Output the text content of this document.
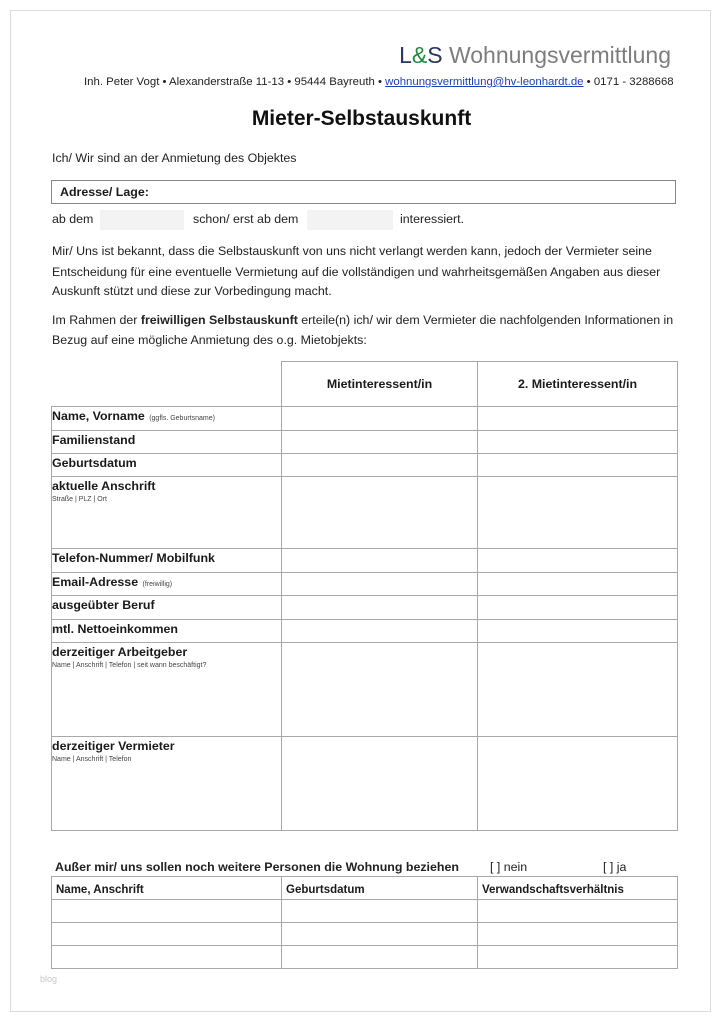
L&S Wohnungsvermittlung
Inh. Peter Vogt • Alexanderstraße 11-13 • 95444 Bayreuth • wohnungsvermittlung@hv-leonhardt.de • 0171 - 3288668
Mieter-Selbstauskunft
Ich/ Wir sind an der Anmietung des Objektes
Adresse/ Lage:
ab dem	schon/ erst ab dem	interessiert.
Mir/ Uns ist bekannt, dass die Selbstauskunft von uns nicht verlangt werden kann, jedoch der Vermieter seine
Entscheidung für eine eventuelle Vermietung auf die vollständigen und wahrheitsgemäßen Angaben aus dieser
Auskunft stützt und diese zur Vorbedingung macht.
Im Rahmen der freiwilligen Selbstauskunft erteile(n) ich/ wir dem Vermieter die nachfolgenden Informationen in
Bezug auf eine mögliche Anmietung des o.g. Mietobjekts:
	Mietinteressent/in	2. Mietinteressent/in
Name, Vorname (ggfls. Geburtsname)		
Familienstand		
Geburtsdatum		
aktuelle Anschrift
Straße | PLZ | Ort		

Telefon-Nummer/ Mobilfunk		
Email-Adresse (freiwillig)		
ausgeübter Beruf		
mtl. Nettoeinkommen		
derzeitiger Arbeitgeber
Name | Anschrift | Telefon | seit wann beschäftigt?		

derzeitiger Vermieter
Name | Anschrift | Telefon		

Außer mir/ uns sollen noch weitere Personen die Wohnung beziehen	[ ] nein	[ ] ja
Name, Anschrift	Geburtsdatum	Verwandschaftsverhältnis

blog
